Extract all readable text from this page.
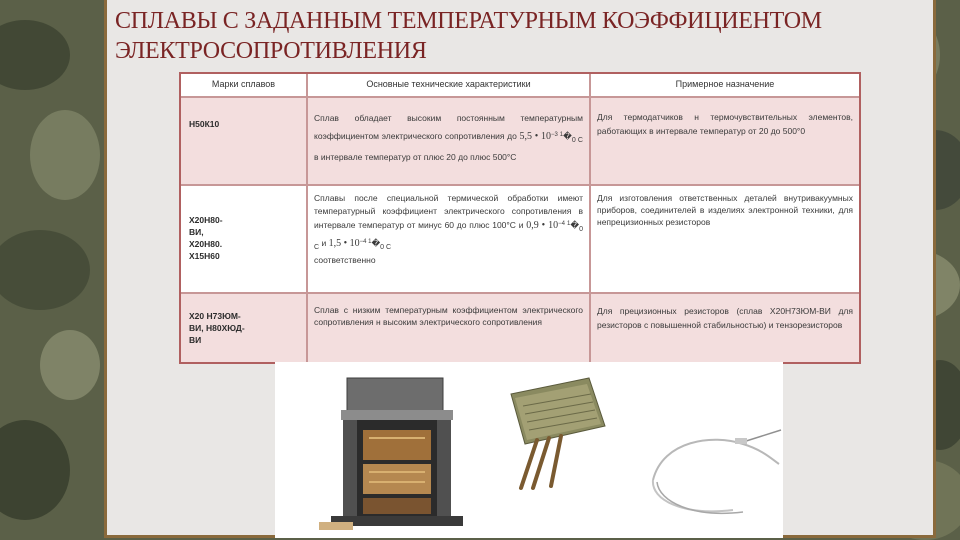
СПЛАВЫ С ЗАДАННЫМ ТЕМПЕРАТУРНЫМ КОЭФФИЦИЕНТОМ
ЭЛЕКТРОСОПРОТИВЛЕНИЯ
Марки сплавов	Основные технические характеристики	Примерное назначение
Н50К10

Сплав обладает высоким постоянным температурным коэффициентом электрического сопротивления до 5,5 • $10^{-3 1}�_{0 C}$ в интервале температур от плюс 20 до плюс 500°С

Для термодатчиков н термочувствительных элементов, работающих в интервале температур от 20 до 500°0
Х20Н80-
ВИ,
Х20Н80.
Х15Н60

Сплавы после специальной термической обработки имеют температурный коэффициент электрического сопротивления в интервале температур от минус 60 до плюс 100°С и 0,9 • $10^{-4 1}�_{0 C}$ и 1,5 • $10^{-4 1}�_{0 C}$
соответственно

Для изготовления ответственных деталей внутривакуумных приборов, соединителей в изделиях электронной техники, для непрецизионных резисторов
Х20 Н73ЮМ-
ВИ, Н80ХЮД-
ВИ
Сплав с низким температурным коэффициентом электрического сопротивления н высоким электрического сопротивления
Для прецизионных резисторов (сплав Х20Н73ЮМ-ВИ для резисторов с повышенной стабильностью) и тензорезисторов
